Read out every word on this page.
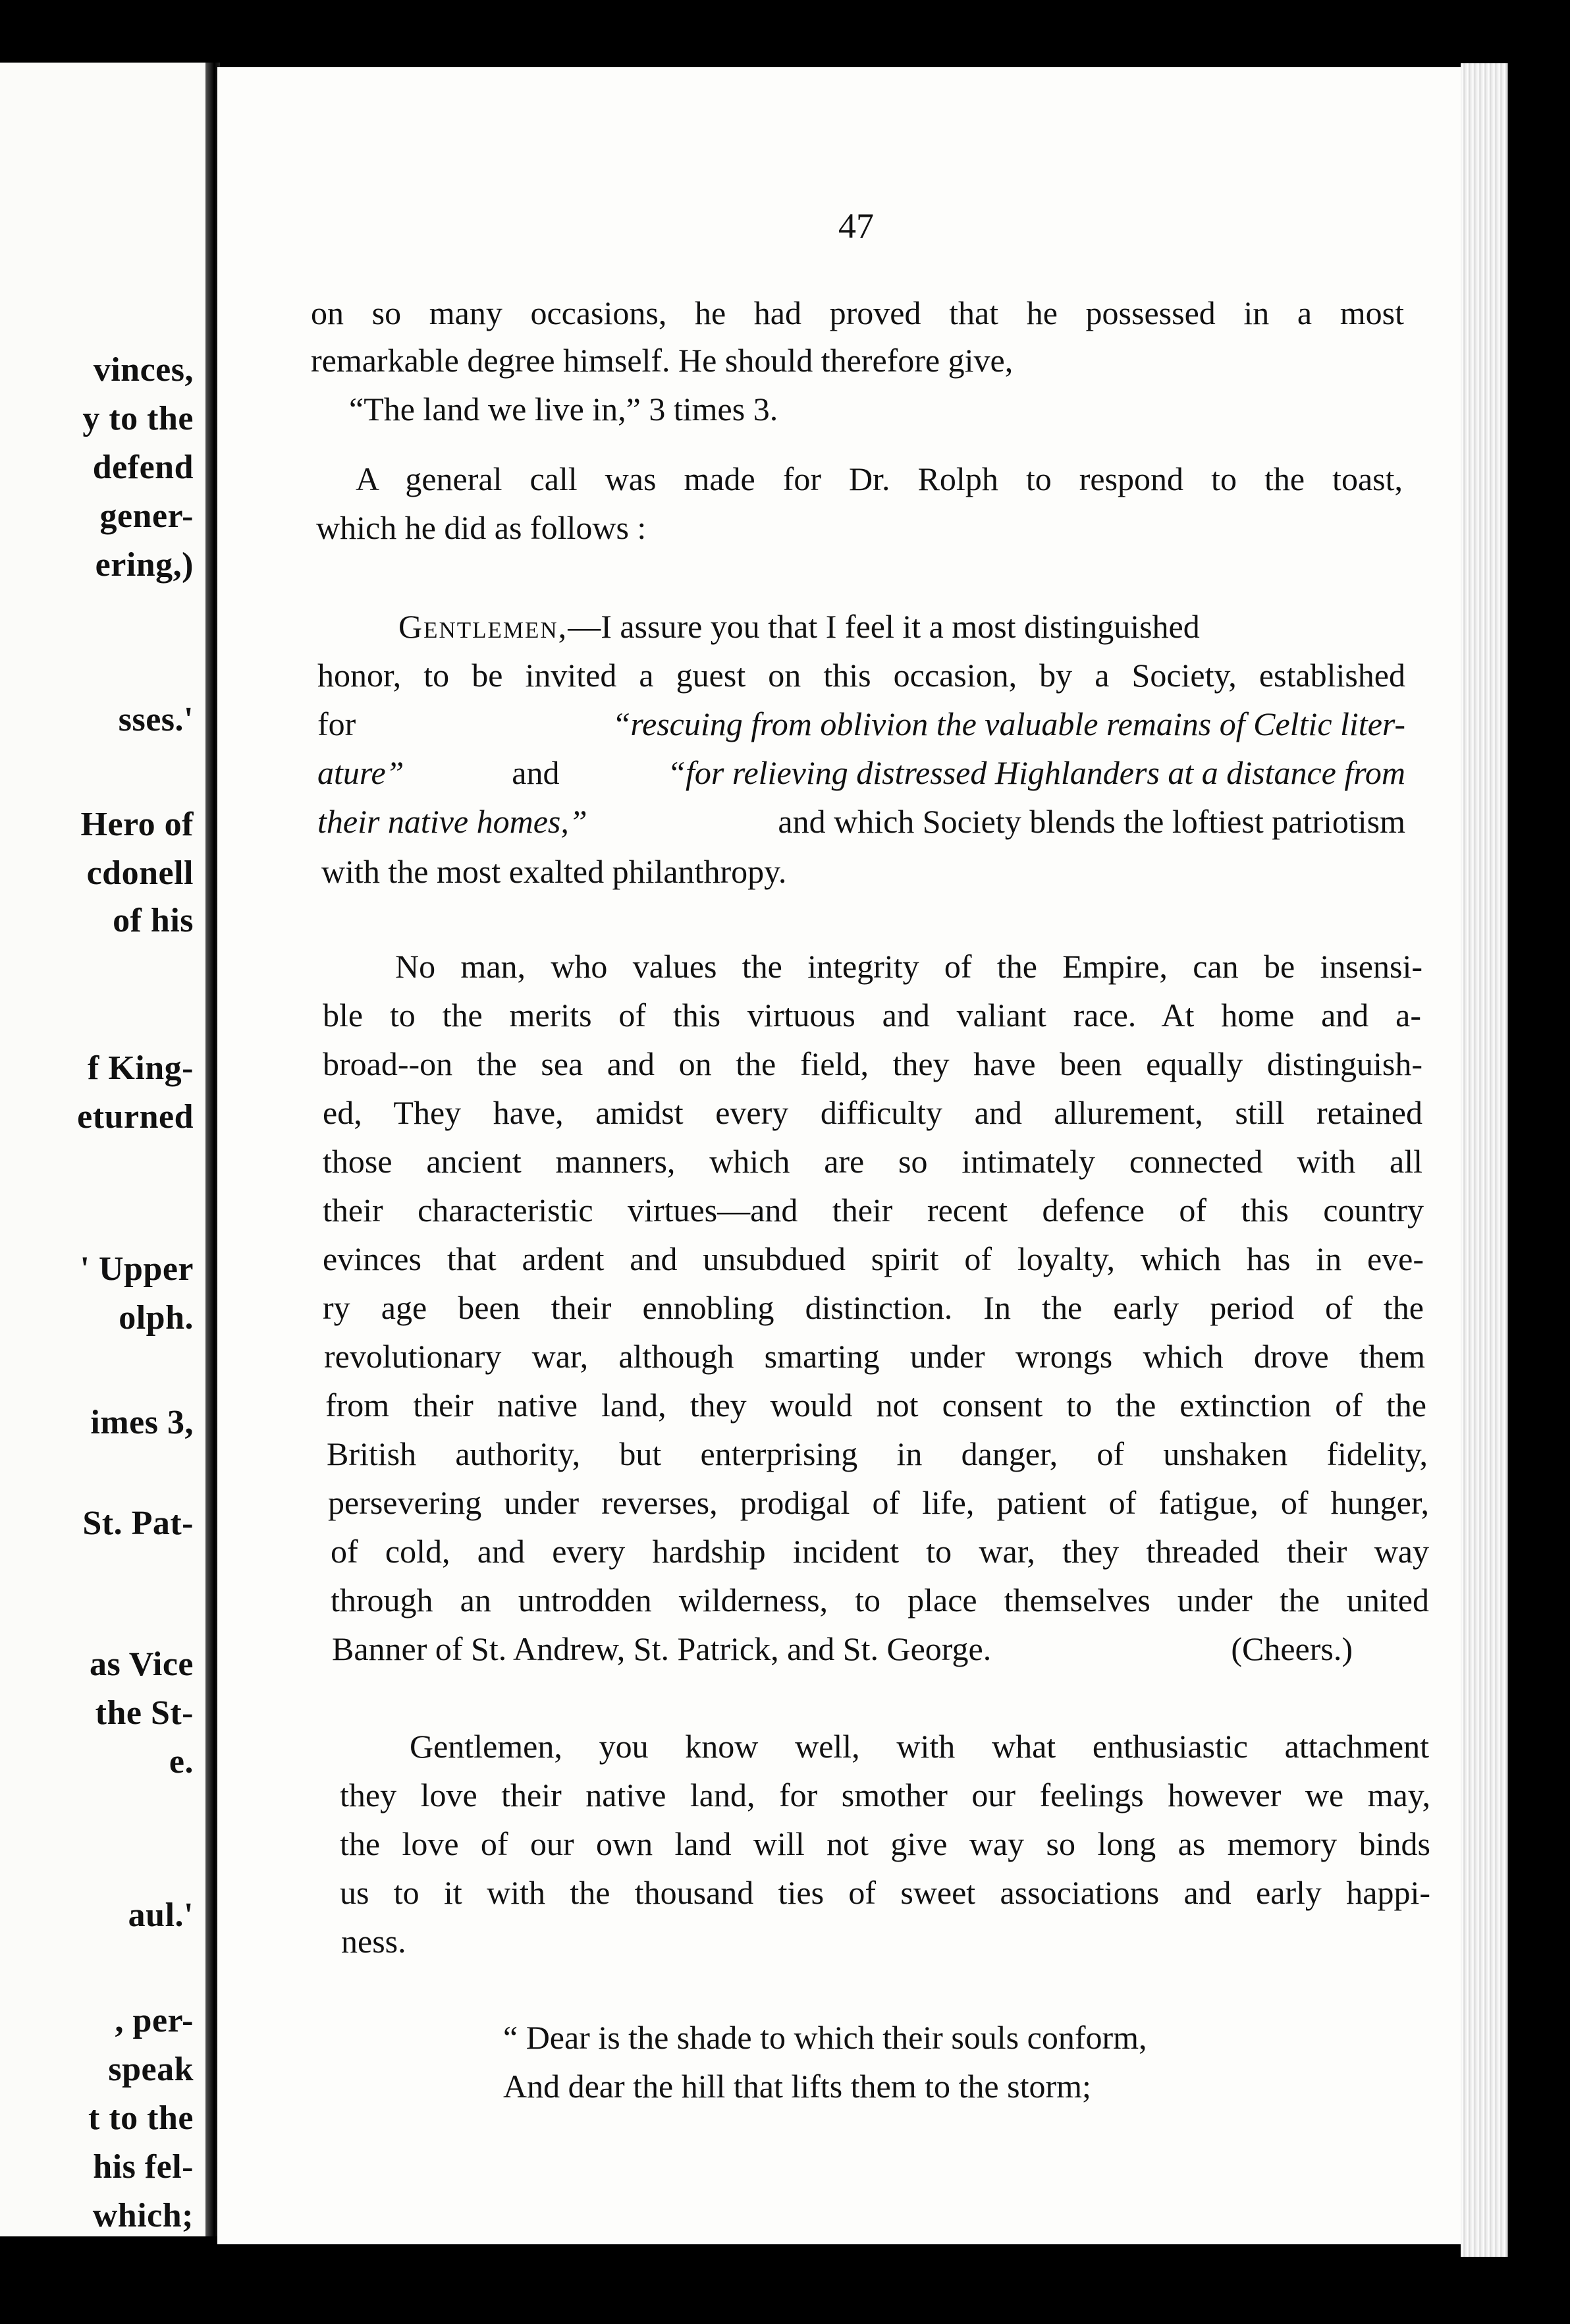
vinces,
y to the
defend
gener-
ering,)
sses.'
Hero of
cdonell
of his
f King-
eturned
' Upper
olph.
imes 3,
St. Pat-
as Vice
the St-
e.
aul.'
, per-
speak
t to the
his fel-
which;
47
on so many occasions, he had proved that he possessed in a most
remarkable degree himself. He should therefore give,
“The land we live in,” 3 times 3.
A general call was made for Dr. Rolph to respond to the toast,
which he did as follows :
Gentlemen,—I assure you that I feel it a most distinguished
honor, to be invited a guest on this occasion, by a Society, established
for	“rescuing from oblivion the valuable remains of Celtic liter-
ature”	and	“for relieving distressed Highlanders at a distance from
their native homes,”	and which Society blends the loftiest patriotism
with the most exalted philanthropy.
No man, who values the integrity of the Empire, can be insensi-
ble to the merits of this virtuous and valiant race. At home and a-
broad--on the sea and on the field, they have been equally distinguish-
ed, They have, amidst every difficulty and allurement, still retained
those ancient manners, which are so intimately connected with all
their characteristic virtues—and their recent defence of this country
evinces that ardent and unsubdued spirit of loyalty, which has in eve-
ry age been their ennobling distinction. In the early period of the
revolutionary war, although smarting under wrongs which drove them
from their native land, they would not consent to the extinction of the
British authority, but enterprising in danger, of unshaken fidelity,
persevering under reverses, prodigal of life, patient of fatigue, of hunger,
of cold, and every hardship incident to war, they threaded their way
through an untrodden wilderness, to place themselves under the united
Banner of St. Andrew, St. Patrick, and St. George.	(Cheers.)
Gentlemen, you know well, with what enthusiastic attachment
they love their native land, for smother our feelings however we may,
the love of our own land will not give way so long as memory binds
us to it with the thousand ties of sweet associations and early happi-
ness.
“ Dear is the shade to which their souls conform,
And dear the hill that lifts them to the storm;
